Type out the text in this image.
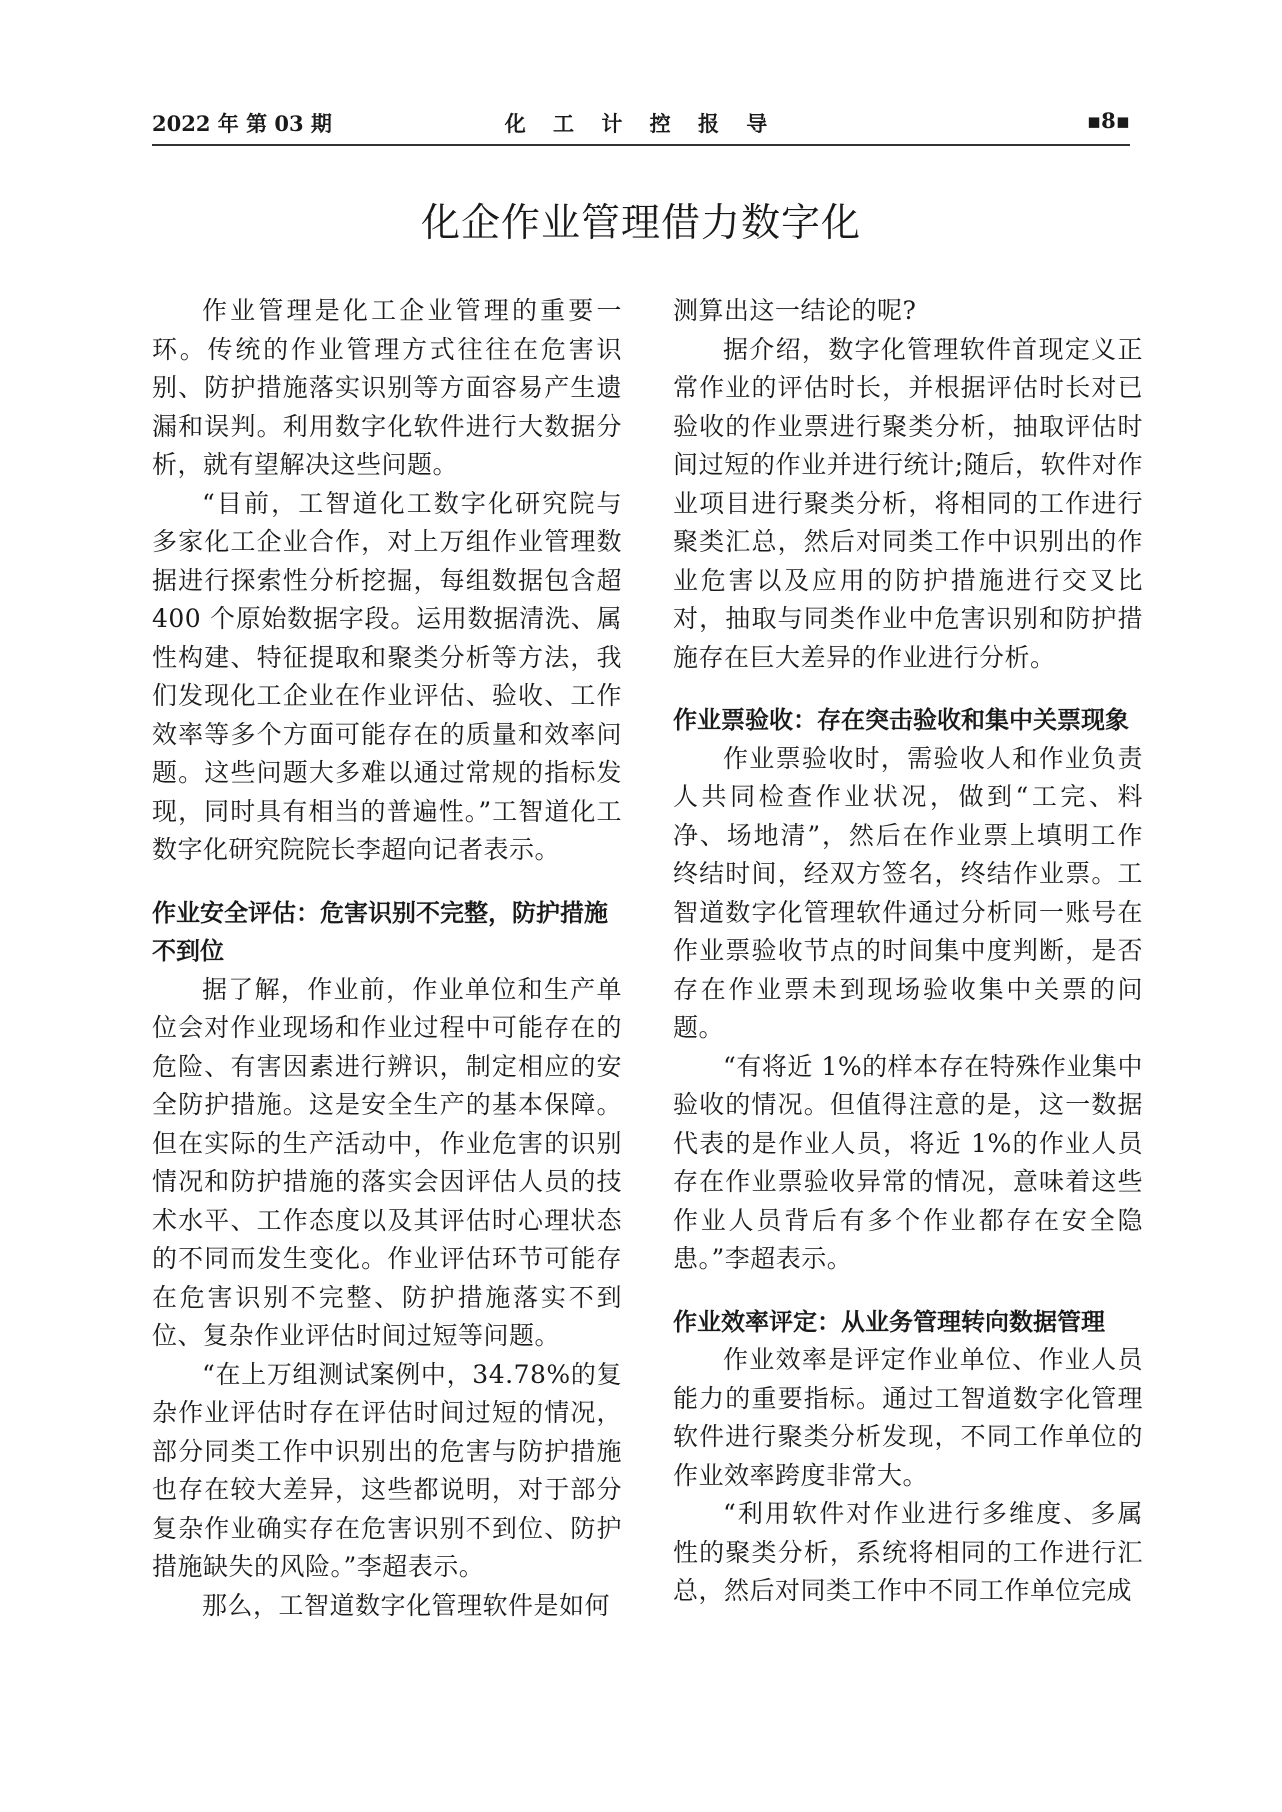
2022 年 第 03 期	化 工 计 控 报 导	▪8▪
化企作业管理借力数字化

作业管理是化工企业管理的重要一环。传统的作业管理方式往往在危害识别、防护措施落实识别等方面容易产生遗漏和误判。利用数字化软件进行大数据分析，就有望解决这些问题。

“目前，工智道化工数字化研究院与多家化工企业合作，对上万组作业管理数据进行探索性分析挖掘，每组数据包含超 400 个原始数据字段。运用数据清洗、属性构建、特征提取和聚类分析等方法，我们发现化工企业在作业评估、验收、工作效率等多个方面可能存在的质量和效率问题。这些问题大多难以通过常规的指标发现，同时具有相当的普遍性。”工智道化工数字化研究院院长李超向记者表示。

作业安全评估：危害识别不完整，防护措施不到位

据了解，作业前，作业单位和生产单位会对作业现场和作业过程中可能存在的危险、有害因素进行辨识，制定相应的安全防护措施。这是安全生产的基本保障。但在实际的生产活动中，作业危害的识别情况和防护措施的落实会因评估人员的技术水平、工作态度以及其评估时心理状态的不同而发生变化。作业评估环节可能存在危害识别不完整、防护措施落实不到位、复杂作业评估时间过短等问题。

“在上万组测试案例中，34.78%的复杂作业评估时存在评估时间过短的情况，部分同类工作中识别出的危害与防护措施也存在较大差异，这些都说明，对于部分复杂作业确实存在危害识别不到位、防护措施缺失的风险。”李超表示。

那么，工智道数字化管理软件是如何

测算出这一结论的呢?

据介绍，数字化管理软件首现定义正常作业的评估时长，并根据评估时长对已验收的作业票进行聚类分析，抽取评估时间过短的作业并进行统计;随后，软件对作业项目进行聚类分析，将相同的工作进行聚类汇总，然后对同类工作中识别出的作业危害以及应用的防护措施进行交叉比对，抽取与同类作业中危害识别和防护措施存在巨大差异的作业进行分析。

作业票验收：存在突击验收和集中关票现象

作业票验收时，需验收人和作业负责人共同检查作业状况，做到“工完、料净、场地清”，然后在作业票上填明工作终结时间，经双方签名，终结作业票。工智道数字化管理软件通过分析同一账号在作业票验收节点的时间集中度判断，是否存在作业票未到现场验收集中关票的问题。

“有将近 1%的样本存在特殊作业集中验收的情况。但值得注意的是，这一数据代表的是作业人员，将近 1%的作业人员存在作业票验收异常的情况，意味着这些作业人员背后有多个作业都存在安全隐患。”李超表示。

作业效率评定：从业务管理转向数据管理

作业效率是评定作业单位、作业人员能力的重要指标。通过工智道数字化管理软件进行聚类分析发现，不同工作单位的作业效率跨度非常大。

“利用软件对作业进行多维度、多属性的聚类分析，系统将相同的工作进行汇总，然后对同类工作中不同工作单位完成
